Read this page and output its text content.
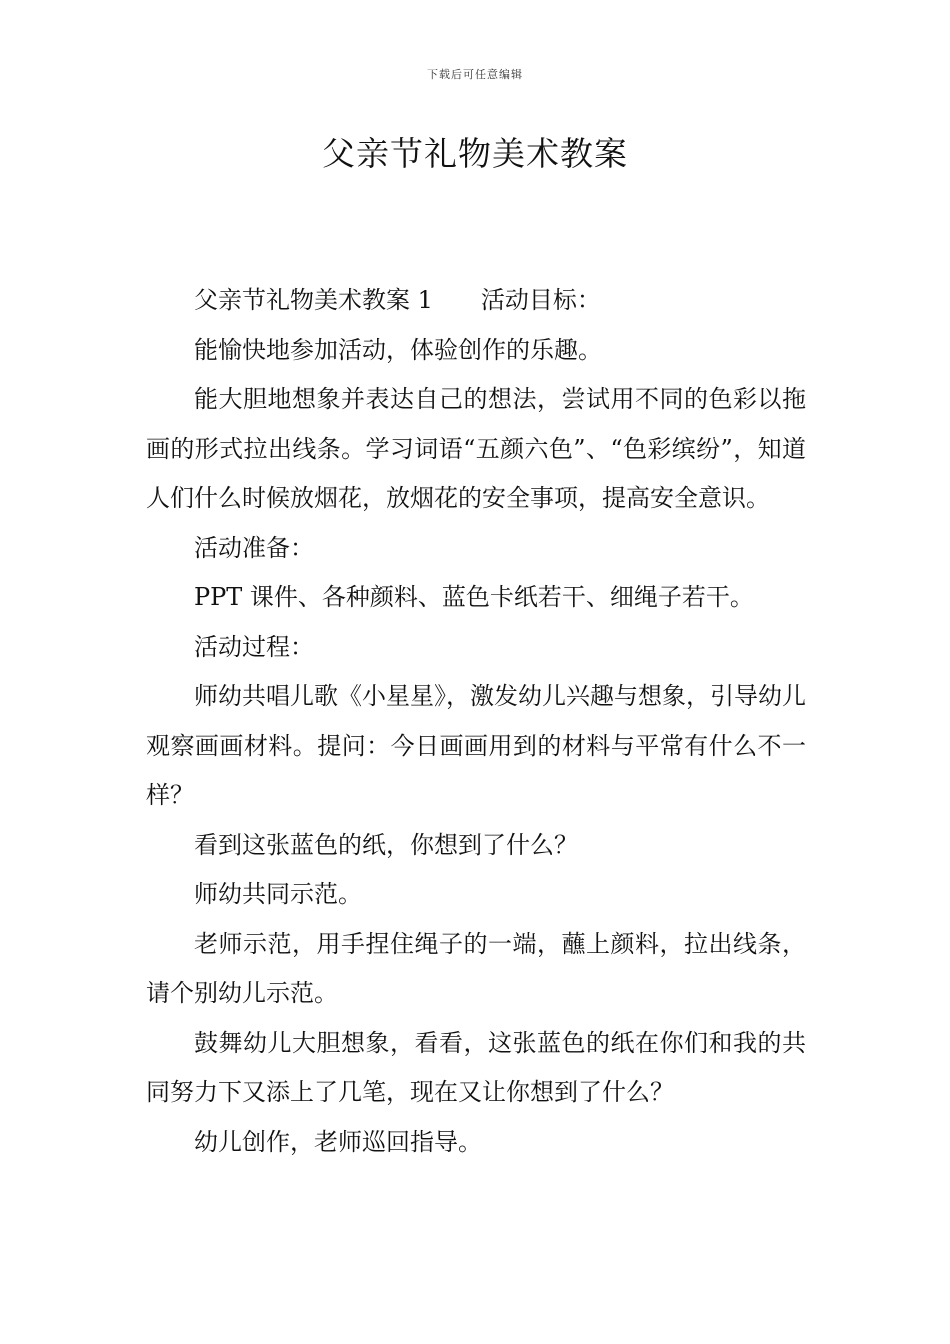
下载后可任意编辑
父亲节礼物美术教案

父亲节礼物美术教案 1 活动目标：

能愉快地参加活动，体验创作的乐趣。

能大胆地想象并表达自己的想法，尝试用不同的色彩以拖画的形式拉出线条。学习词语“五颜六色”、“色彩缤纷”，知道人们什么时候放烟花，放烟花的安全事项，提高安全意识。

活动准备：

PPT 课件、各种颜料、蓝色卡纸若干、细绳子若干。

活动过程：

师幼共唱儿歌《小星星》，激发幼儿兴趣与想象，引导幼儿观察画画材料。提问：今日画画用到的材料与平常有什么不一样？

看到这张蓝色的纸，你想到了什么？

师幼共同示范。

老师示范，用手捏住绳子的一端，蘸上颜料，拉出线条，请个别幼儿示范。

鼓舞幼儿大胆想象，看看，这张蓝色的纸在你们和我的共同努力下又添上了几笔，现在又让你想到了什么？

幼儿创作，老师巡回指导。
